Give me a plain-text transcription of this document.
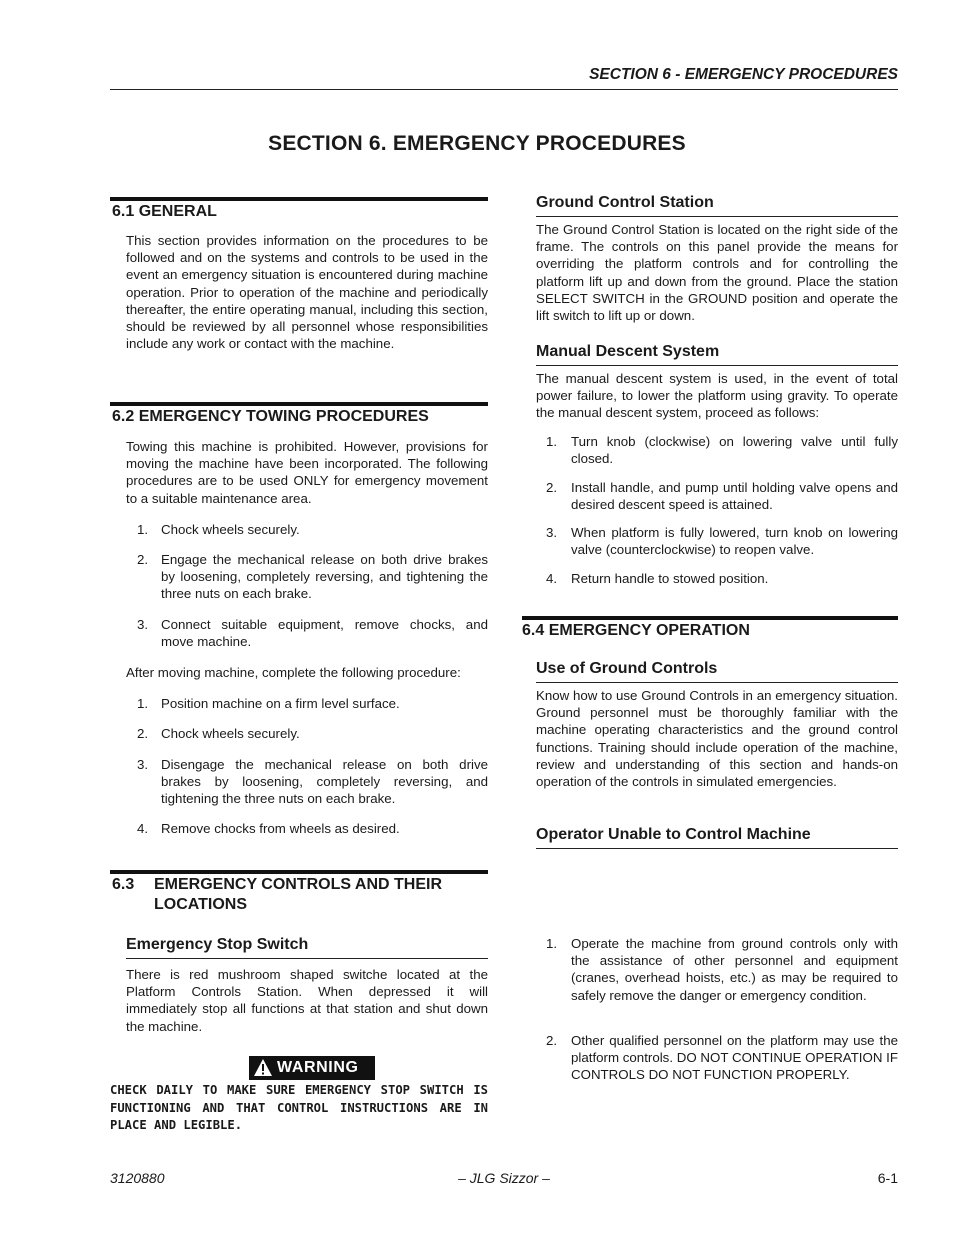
SECTION 6 - EMERGENCY PROCEDURES
SECTION 6. EMERGENCY PROCEDURES
6.1 GENERAL
This section provides information on the procedures to be followed and on the systems and controls to be used in the event an emergency situation is encountered during machine operation. Prior to operation of the machine and periodically thereafter, the entire operating manual, including this section, should be reviewed by all personnel whose responsibilities include any work or contact with the machine.
6.2 EMERGENCY TOWING PROCEDURES
Towing this machine is prohibited. However, provisions for moving the machine have been incorporated. The following procedures are to be used ONLY for emergency movement to a suitable maintenance area.
1. Chock wheels securely.
2. Engage the mechanical release on both drive brakes by loosening, completely reversing, and tightening the three nuts on each brake.
3. Connect suitable equipment, remove chocks, and move machine.
After moving machine, complete the following procedure:
1. Position machine on a firm level surface.
2. Chock wheels securely.
3. Disengage the mechanical release on both drive brakes by loosening, completely reversing, and tightening the three nuts on each brake.
4. Remove chocks from wheels as desired.
6.3 EMERGENCY CONTROLS AND THEIR
LOCATIONS
Emergency Stop Switch
There is red mushroom shaped switche located at the Platform Controls Station. When depressed it will immediately stop all functions at that station and shut down the machine.
WARNING
CHECK DAILY TO MAKE SURE EMERGENCY STOP SWITCH IS FUNCTIONING AND THAT CONTROL INSTRUCTIONS ARE IN PLACE AND LEGIBLE.
Ground Control Station
The Ground Control Station is located on the right side of the frame. The controls on this panel provide the means for overriding the platform controls and for controlling the platform lift up and down from the ground. Place the station SELECT SWITCH in the GROUND position and operate the lift switch to lift up or down.
Manual Descent System
The manual descent system is used, in the event of total power failure, to lower the platform using gravity. To operate the manual descent system, proceed as follows:
1. Turn knob (clockwise) on lowering valve until fully closed.
2. Install handle, and pump until holding valve opens and desired descent speed is attained.
3. When platform is fully lowered, turn knob on lowering valve (counterclockwise) to reopen valve.
4. Return handle to stowed position.
6.4 EMERGENCY OPERATION
Use of Ground Controls
Know how to use Ground Controls in an emergency situation. Ground personnel must be thoroughly familiar with the machine operating characteristics and the ground control functions. Training should include operation of the machine, review and understanding of this section and hands-on operation of the controls in simulated emergencies.
Operator Unable to Control Machine
1. Operate the machine from ground controls only with the assistance of other personnel and equipment (cranes, overhead hoists, etc.) as may be required to safely remove the danger or emergency condition.
2. Other qualified personnel on the platform may use the platform controls. DO NOT CONTINUE OPERATION IF CONTROLS DO NOT FUNCTION PROPERLY.
3120880	– JLG Sizzor –	6-1
